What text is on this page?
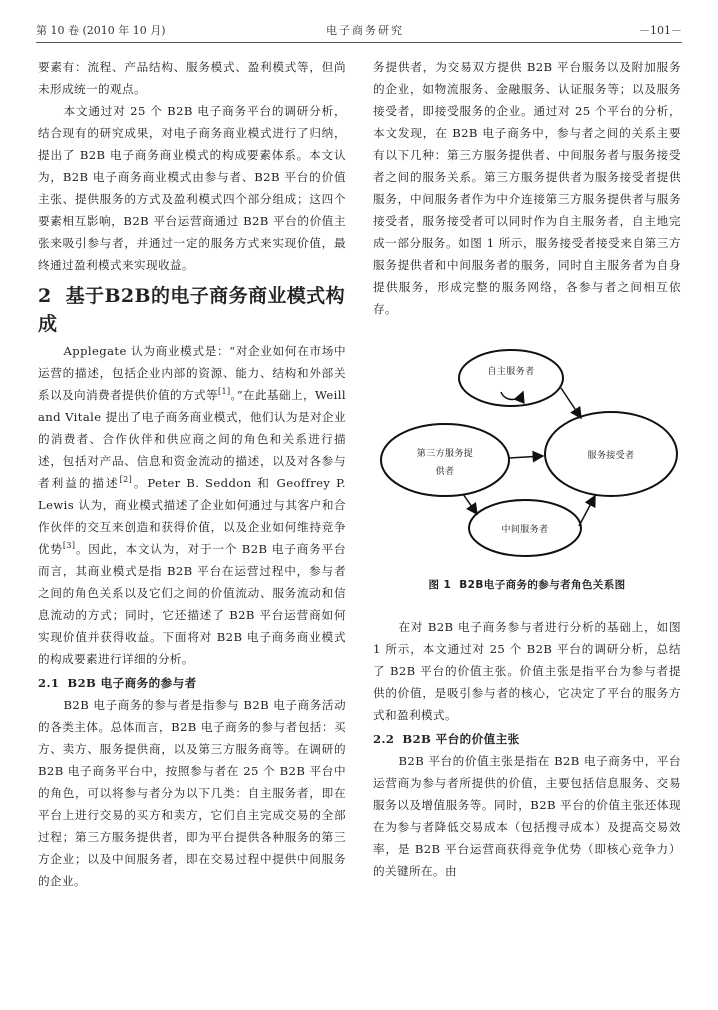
第 10 卷 (2010 年 10 月)	电子商务研究	－101－

要素有：流程、产品结构、服务模式、盈利模式等，但尚未形成统一的观点。

本文通过对 25 个 B2B 电子商务平台的调研分析，结合现有的研究成果，对电子商务商业模式进行了归纳，提出了 B2B 电子商务商业模式的构成要素体系。本文认为，B2B 电子商务商业模式由参与者、B2B 平台的价值主张、提供服务的方式及盈利模式四个部分组成；这四个要素相互影响，B2B 平台运营商通过 B2B 平台的价值主张来吸引参与者，并通过一定的服务方式来实现价值，最终通过盈利模式来实现收益。

2 基于B2B的电子商务商业模式构成

Applegate 认为商业模式是：“对企业如何在市场中运营的描述，包括企业内部的资源、能力、结构和外部关系以及向消费者提供价值的方式等[1]。”在此基础上，Weill and Vitale 提出了电子商务商业模式，他们认为是对企业的消费者、合作伙伴和供应商之间的角色和关系进行描述，包括对产品、信息和资金流动的描述，以及对各参与者利益的描述[2]。Peter B. Seddon 和 Geoffrey P. Lewis 认为，商业模式描述了企业如何通过与其客户和合作伙伴的交互来创造和获得价值，以及企业如何维持竞争优势[3]。因此，本文认为，对于一个 B2B 电子商务平台而言，其商业模式是指 B2B 平台在运营过程中，参与者之间的角色关系以及它们之间的价值流动、服务流动和信息流动的方式；同时，它还描述了 B2B 平台运营商如何实现价值并获得收益。下面将对 B2B 电子商务商业模式的构成要素进行详细的分析。

2.1 B2B 电子商务的参与者

B2B 电子商务的参与者是指参与 B2B 电子商务活动的各类主体。总体而言，B2B 电子商务的参与者包括：买方、卖方、服务提供商，以及第三方服务商等。在调研的 B2B 电子商务平台中，按照参与者在 25 个 B2B 平台中的角色，可以将参与者分为以下几类：自主服务者，即在平台上进行交易的买方和卖方，它们自主完成交易的全部过程；第三方服务提供者，即为平台提供各种服务的第三方企业；以及中间服务者，即在交易过程中提供中间服务的企业。

务提供者，为交易双方提供 B2B 平台服务以及附加服务的企业，如物流服务、金融服务、认证服务等；以及服务接受者，即接受服务的企业。通过对 25 个平台的分析，本文发现，在 B2B 电子商务中，参与者之间的关系主要有以下几种：第三方服务提供者、中间服务者与服务接受者之间的服务关系。第三方服务提供者为服务接受者提供服务，中间服务者作为中介连接第三方服务提供者与服务接受者，服务接受者可以同时作为自主服务者，自主地完成一部分服务。如图 1 所示，服务接受者接受来自第三方服务提供者和中间服务者的服务，同时自主服务者为自身提供服务，形成完整的服务网络，各参与者之间相互依存。

自主服务者
第三方服务提
供者
服务接受者
中间服务者
图 1 B2B电子商务的参与者角色关系图

在对 B2B 电子商务参与者进行分析的基础上，如图 1 所示，本文通过对 25 个 B2B 平台的调研分析，总结了 B2B 平台的价值主张。价值主张是指平台为参与者提供的价值，是吸引参与者的核心，它决定了平台的服务方式和盈利模式。

2.2 B2B 平台的价值主张

B2B 平台的价值主张是指在 B2B 电子商务中，平台运营商为参与者所提供的价值，主要包括信息服务、交易服务以及增值服务等。同时，B2B 平台的价值主张还体现在为参与者降低交易成本（包括搜寻成本）及提高交易效率，是 B2B 平台运营商获得竞争优势（即核心竞争力）的关键所在。由
